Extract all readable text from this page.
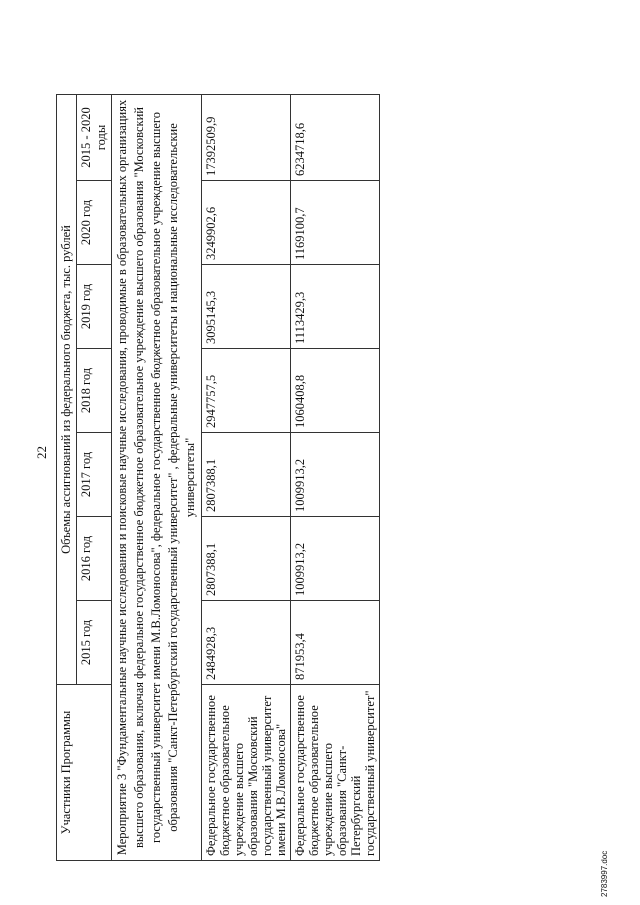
22
Участники Программы	Объемы ассигнований из федерального бюджета, тыс. рублей						
	2015 год	2016 год	2017 год	2018 год	2019 год	2020 год	2015 - 2020 годы
Мероприятие 3 "Фундаментальные научные исследования и поисковые научные исследования, проводимые в образовательных организациях высшего образования, включая федеральное государственное бюджетное образовательное учреждение высшего образования "Московский государственный университет имени М.В.Ломоносова", федеральное государственное бюджетное образовательное учреждение высшего образования "Санкт-Петербургский государственный университет" , федеральные университеты и национальные исследовательские университеты"							
Федеральное государственное бюджетное образовательное учреждение высшего образования "Московский государственный университет имени М.В.Ломоносова"	2484928,3	2807388,1	2807388,1	2947757,5	3095145,3	3249902,6	17392509,9
Федеральное государственное бюджетное образовательное учреждение высшего образования "Санкт-Петербургский государственный университет"	871953,4	1009913,2	1009913,2	1060408,8	1113429,3	1169100,7	6234718,6
2783997.doc
